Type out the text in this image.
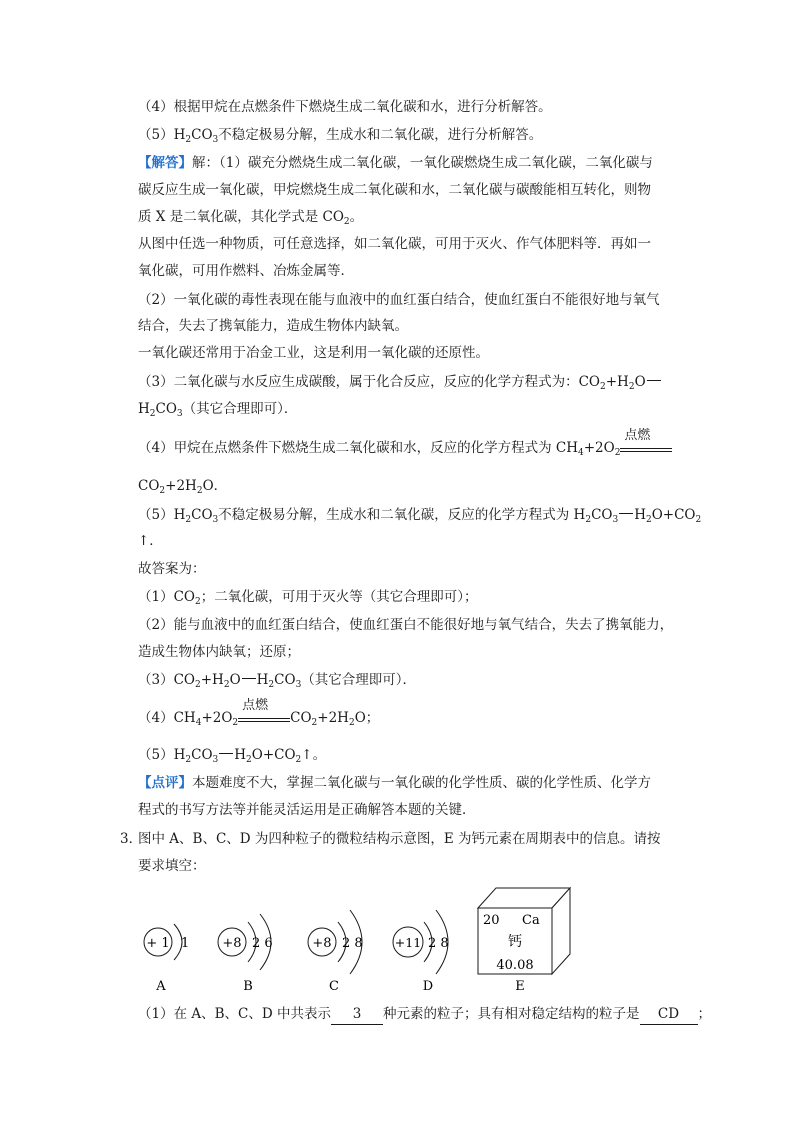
（4）根据甲烷在点燃条件下燃烧生成二氧化碳和水，进行分析解答。
$(5)H_2CO_3$不稳定极易分解，生成水和二氧化碳，进行分析解答。
【解答】解：（1）碳充分燃烧生成二氧化碳，一氧化碳燃烧生成二氧化碳，二氧化碳与
碳反应生成一氧化碳，甲烷燃烧生成二氧化碳和水，二氧化碳与碳酸能相互转化，则物
质 X 是二氧化碳，其化学式是 $CO_2$。
从图中任选一种物质，可任意选择，如二氧化碳，可用于灭火、作气体肥料等．再如一
氧化碳，可用作燃料、冶炼金属等．
（2）一氧化碳的毒性表现在能与血液中的血红蛋白结合，使血红蛋白不能很好地与氧气
结合，失去了携氧能力，造成生物体内缺氧。
一氧化碳还常用于冶金工业，这是利用一氧化碳的还原性。
（3）二氧化碳与水反应生成碳酸，属于化合反应，反应的化学方程式为：$CO_2+H_2O$
$H_2CO_3$（其它合理即可）．
（4）甲烷在点燃条件下燃烧生成二氧化碳和水，反应的化学方程式为 $CH_4+2O_2$
点燃
$CO_2+2H_2O$．
$(5)H_2CO_3$不稳定极易分解，生成水和二氧化碳，反应的化学方程式为 $H_2CO_3$ $H_2O+CO_2$
↑．
故答案为：
$(1)CO_2$；二氧化碳，可用于灭火等（其它合理即可）；
（2）能与血液中的血红蛋白结合，使血红蛋白不能很好地与氧气结合，失去了携氧能力，
造成生物体内缺氧；还原；
$(3)CO_2+H_2O$ $H_2CO_3$（其它合理即可）．
$(4)CH_4+2O_2$
点燃
$CO_2+2H_2O$；
$(5)H_2CO_3$ $H_2O+CO_2↑$。
【点评】本题难度不大，掌握二氧化碳与一氧化碳的化学性质、碳的化学性质、化学方
程式的书写方法等并能灵活运用是正确解答本题的关键．
3．
图中 A、B、C、D 为四种粒子的微粒结构示意图，E 为钙元素在周期表中的信息。请按
要求填空：
+ 1 1
A
+8 2 6
B
+8 2 8
C
+11 2 8
D
20 Ca
钙
40.08
E
（1）在 A、B、C、D 中共表示 3 种元素的粒子；具有相对稳定结构的粒子是 CD ；
